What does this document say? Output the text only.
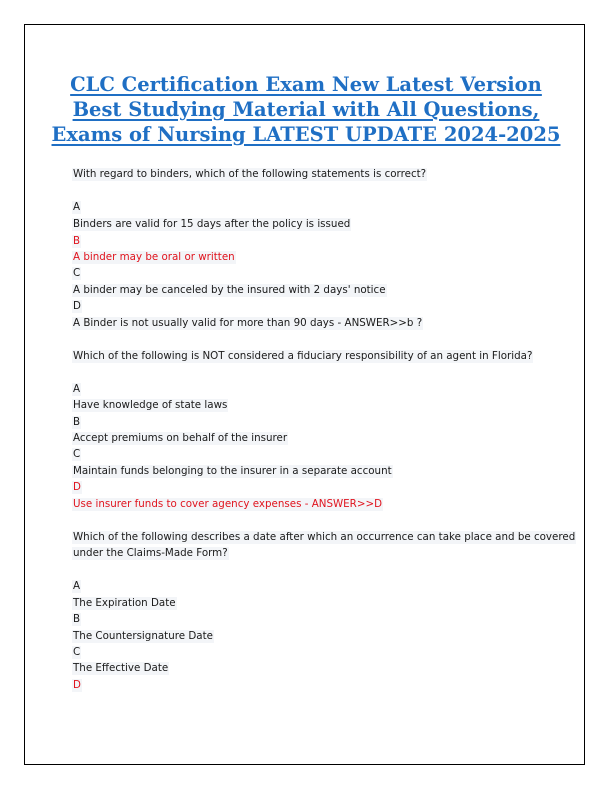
CLC Certification Exam New Latest Version
Best Studying Material with All Questions,
Exams of Nursing LATEST UPDATE 2024-2025

With regard to binders, which of the following statements is correct?

A

Binders are valid for 15 days after the policy is issued

B

A binder may be oral or written

C

A binder may be canceled by the insured with 2 days' notice

D

A Binder is not usually valid for more than 90 days - ANSWER>>b ?

Which of the following is NOT considered a fiduciary responsibility of an agent in Florida?

A

Have knowledge of state laws

B

Accept premiums on behalf of the insurer

C

Maintain funds belonging to the insurer in a separate account

D

Use insurer funds to cover agency expenses - ANSWER>>D

Which of the following describes a date after which an occurrence can take place and be covered

under the Claims-Made Form?

A

The Expiration Date

B

The Countersignature Date

C

The Effective Date

D
